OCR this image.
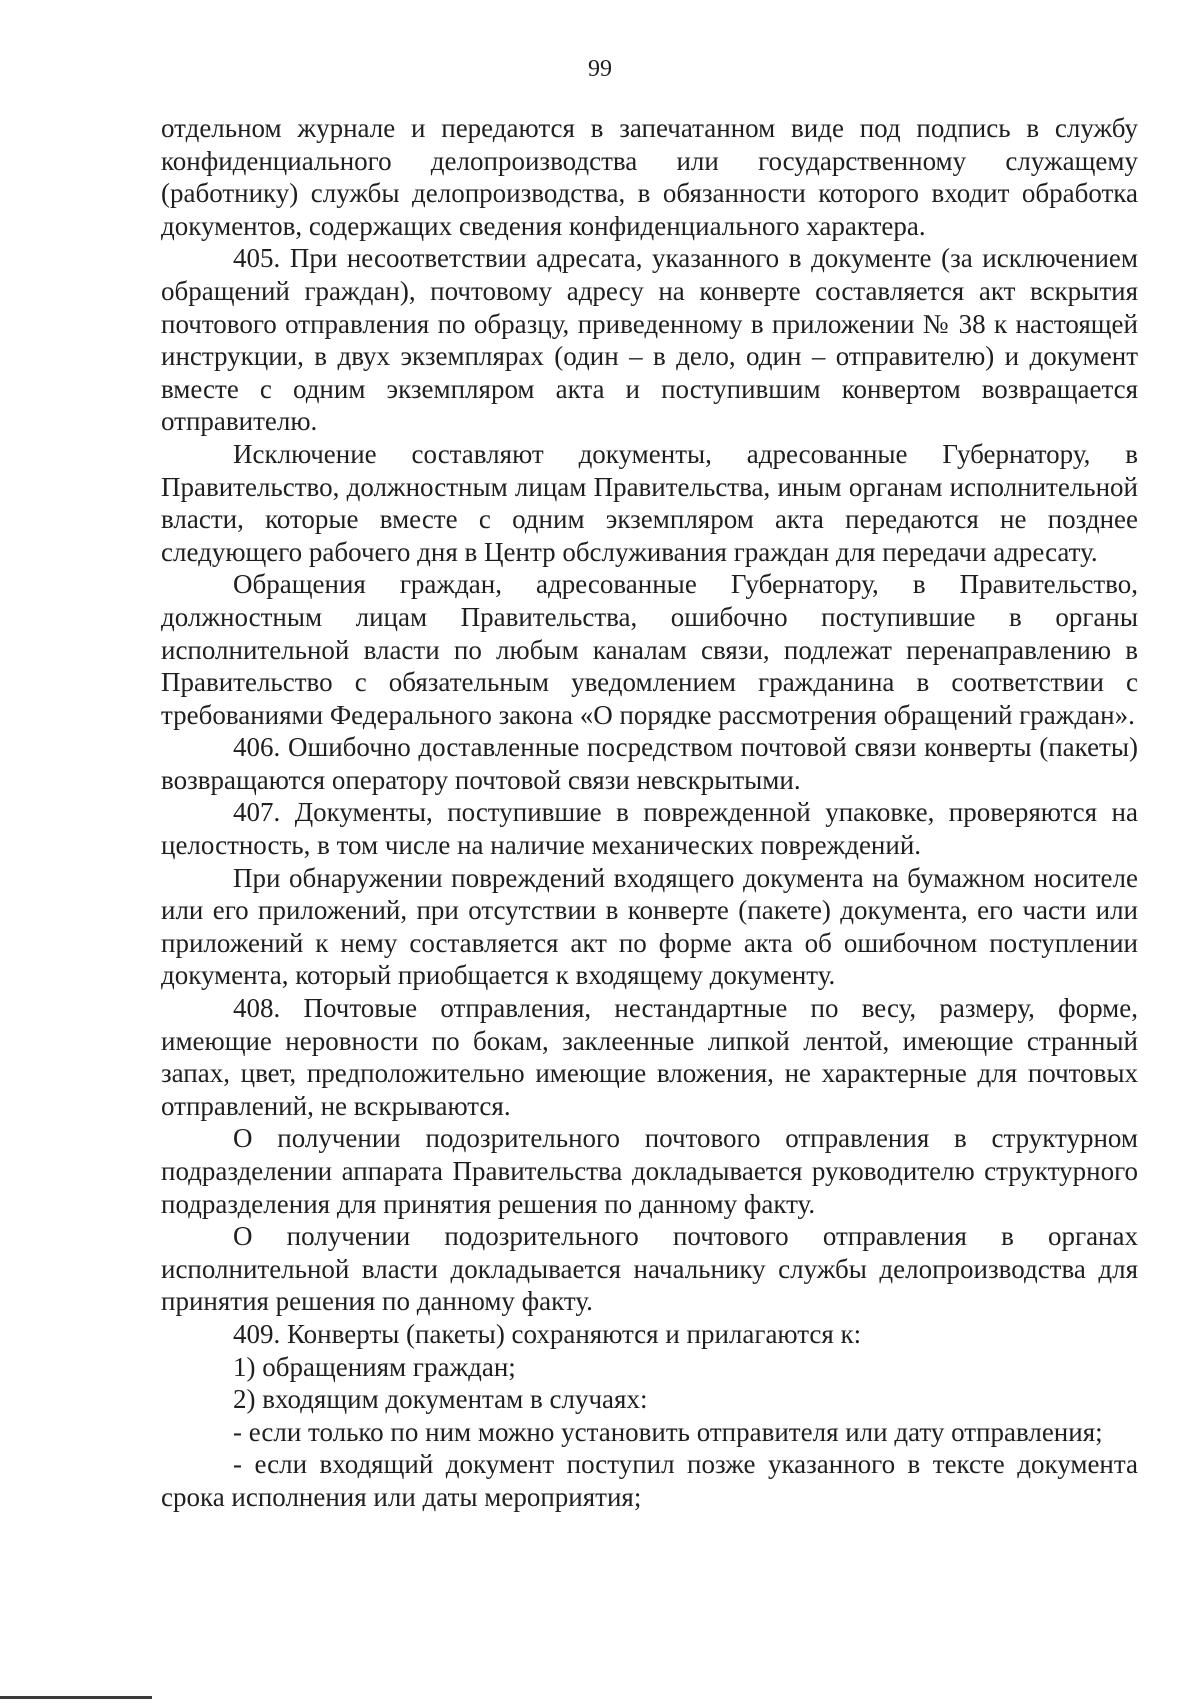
99

отдельном журнале и передаются в запечатанном виде под подпись в службу конфиденциального делопроизводства или государственному служащему (работнику) службы делопроизводства, в обязанности которого входит обработка документов, содержащих сведения конфиденциального характера.

405. При несоответствии адресата, указанного в документе (за исключением обращений граждан), почтовому адресу на конверте составляется акт вскрытия почтового отправления по образцу, приведенному в приложении № 38 к настоящей инструкции, в двух экземплярах (один – в дело, один – отправителю) и документ вместе с одним экземпляром акта и поступившим конвертом возвращается отправителю.

Исключение составляют документы, адресованные Губернатору, в Правительство, должностным лицам Правительства, иным органам исполнительной власти, которые вместе с одним экземпляром акта передаются не позднее следующего рабочего дня в Центр обслуживания граждан для передачи адресату.

Обращения граждан, адресованные Губернатору, в Правительство, должностным лицам Правительства, ошибочно поступившие в органы исполнительной власти по любым каналам связи, подлежат перенаправлению в Правительство с обязательным уведомлением гражданина в соответствии с требованиями Федерального закона «О порядке рассмотрения обращений граждан».

406. Ошибочно доставленные посредством почтовой связи конверты (пакеты) возвращаются оператору почтовой связи невскрытыми.

407. Документы, поступившие в поврежденной упаковке, проверяются на целостность, в том числе на наличие механических повреждений.

При обнаружении повреждений входящего документа на бумажном носителе или его приложений, при отсутствии в конверте (пакете) документа, его части или приложений к нему составляется акт по форме акта об ошибочном поступлении документа, который приобщается к входящему документу.

408. Почтовые отправления, нестандартные по весу, размеру, форме, имеющие неровности по бокам, заклеенные липкой лентой, имеющие странный запах, цвет, предположительно имеющие вложения, не характерные для почтовых отправлений, не вскрываются.

О получении подозрительного почтового отправления в структурном подразделении аппарата Правительства докладывается руководителю структурного подразделения для принятия решения по данному факту.

О получении подозрительного почтового отправления в органах исполнительной власти докладывается начальнику службы делопроизводства для принятия решения по данному факту.

409. Конверты (пакеты) сохраняются и прилагаются к:

1) обращениям граждан;

2) входящим документам в случаях:

- если только по ним можно установить отправителя или дату отправления;

- если входящий документ поступил позже указанного в тексте документа срока исполнения или даты мероприятия;
